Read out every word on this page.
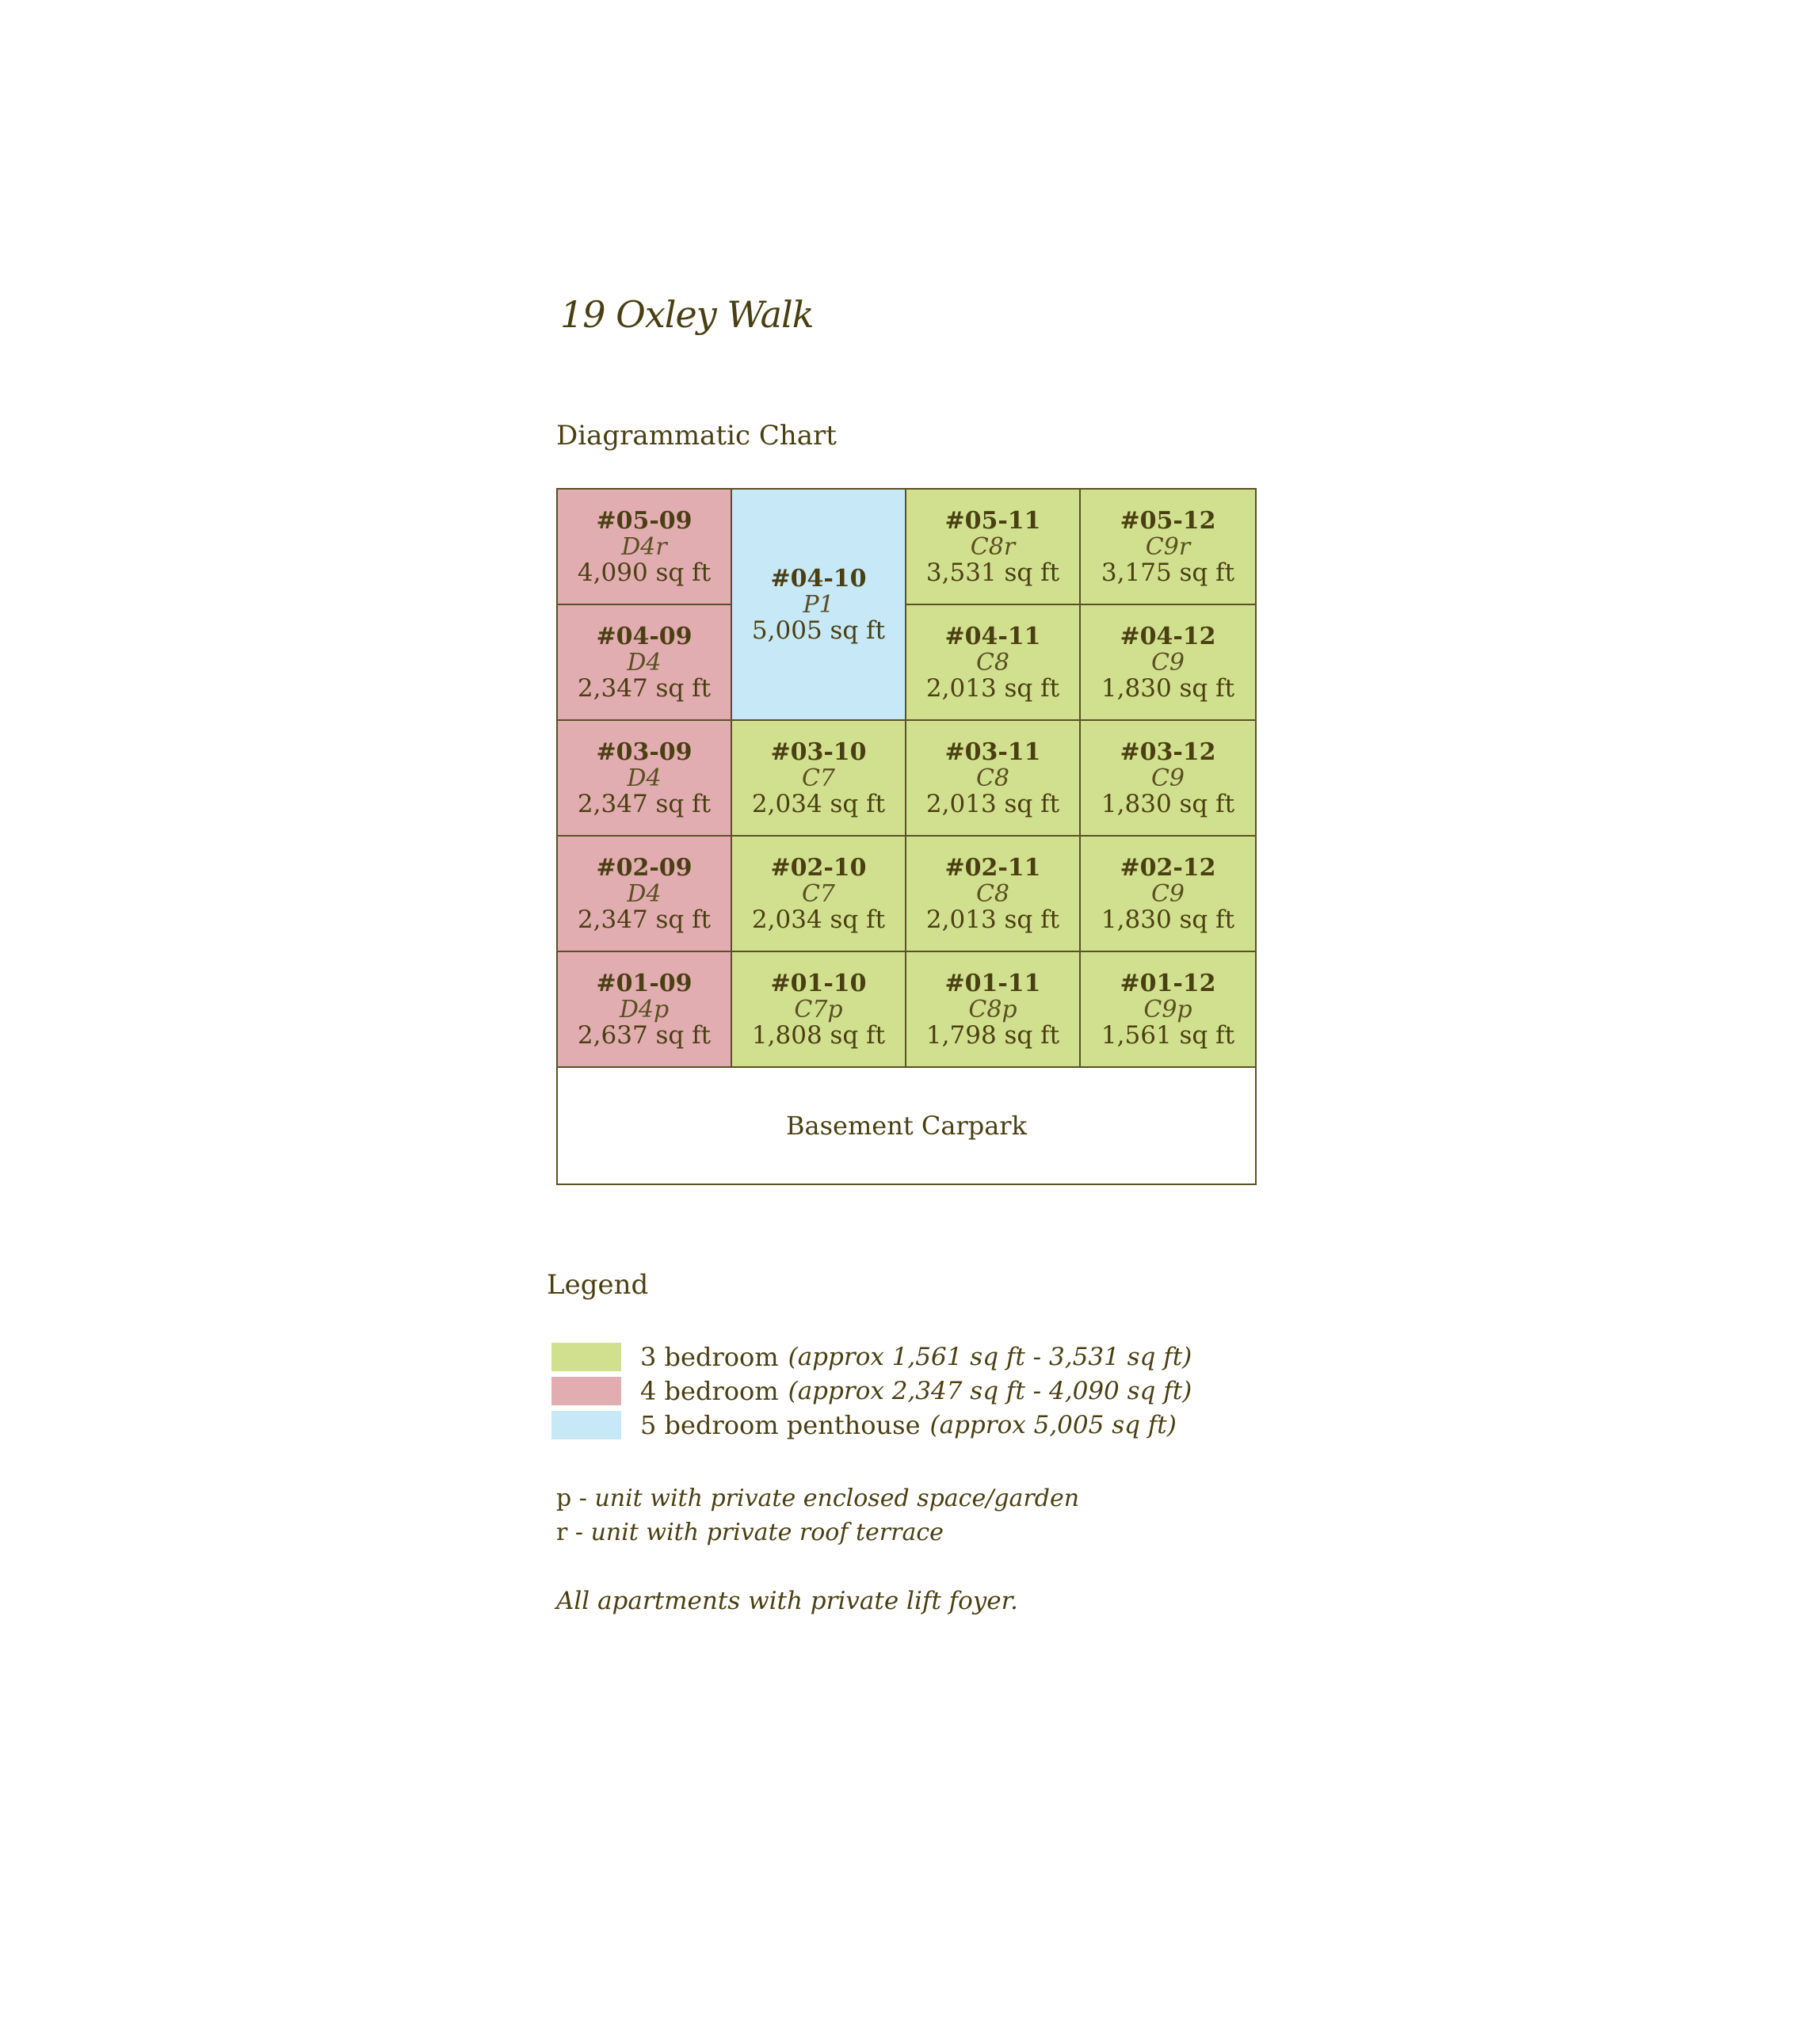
19 Oxley Walk
Diagrammatic Chart
#05-09
D4r
4,090 sq ft	#04-10
P1
5,005 sq ft
#05-11
C8r
3,531 sq ft
#05-12
C9r
3,175 sq ft
#04-09
D4
2,347 sq ft
#04-11
C8
2,013 sq ft
#04-12
C9
1,830 sq ft
#03-09
D4
2,347 sq ft
#03-10
C7
2,034 sq ft
#03-11
C8
2,013 sq ft
#03-12
C9
1,830 sq ft
#02-09
D4
2,347 sq ft
#02-10
C7
2,034 sq ft
#02-11
C8
2,013 sq ft
#02-12
C9
1,830 sq ft
#01-09
D4p
2,637 sq ft
#01-10
C7p
1,808 sq ft
#01-11
C8p
1,798 sq ft
#01-12
C9p
1,561 sq ft
Basement Carpark
Legend
3 bedroom (approx 1,561 sq ft - 3,531 sq ft)
4 bedroom (approx 2,347 sq ft - 4,090 sq ft)
5 bedroom penthouse (approx 5,005 sq ft)
p - unit with private enclosed space/garden
r - unit with private roof terrace
All apartments with private lift foyer.
